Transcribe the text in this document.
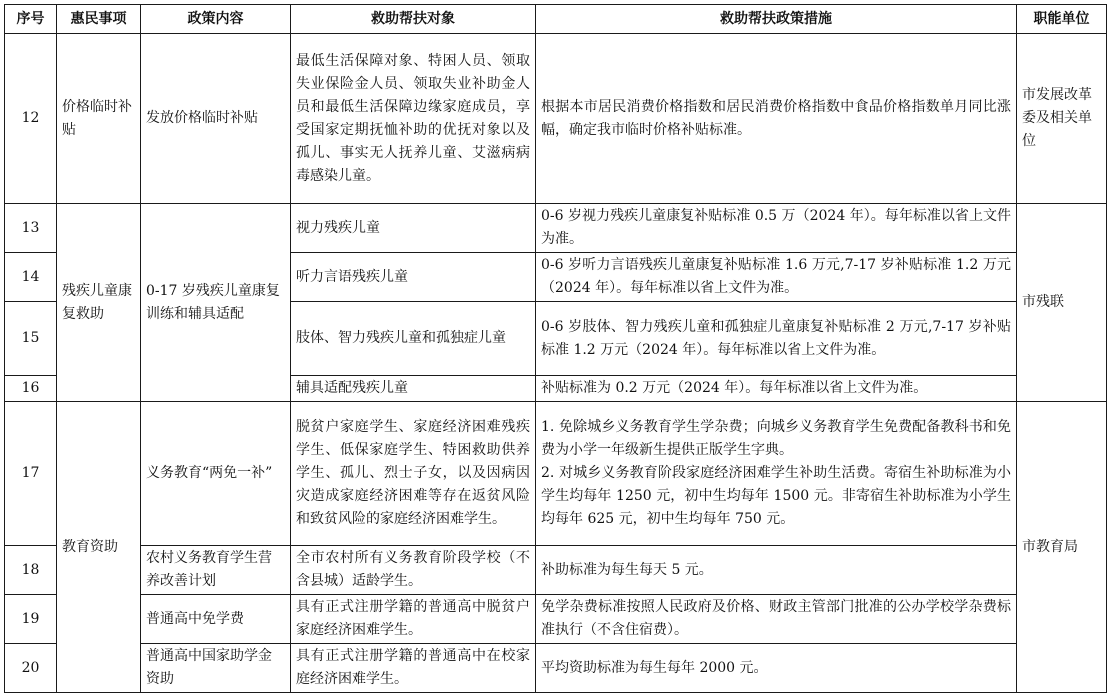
序号	惠民事项	政策内容	救助帮扶对象	救助帮扶政策措施	职能单位
12	价格临时补贴	发放价格临时补贴	最低生活保障对象、特困人员、领取失业保险金人员、领取失业补助金人员和最低生活保障边缘家庭成员，享受国家定期抚恤补助的优抚对象以及孤儿、事实无人抚养儿童、艾滋病病毒感染儿童。	根据本市居民消费价格指数和居民消费价格指数中食品价格指数单月同比涨幅，确定我市临时价格补贴标准。	市发展改革委及相关单位
13	残疾儿童康复救助	0-17 岁残疾儿童康复训练和辅具适配	视力残疾儿童	0-6 岁视力残疾儿童康复补贴标准 0.5 万（2024 年）。每年标准以省上文件为准。	市残联
14			听力言语残疾儿童	0-6 岁听力言语残疾儿童康复补贴标准 1.6 万元,7-17 岁补贴标准 1.2 万元（2024 年）。每年标准以省上文件为准。	
15			肢体、智力残疾儿童和孤独症儿童	0-6 岁肢体、智力残疾儿童和孤独症儿童康复补贴标准 2 万元,7-17 岁补贴标准 1.2 万元（2024 年）。每年标准以省上文件为准。	
16			辅具适配残疾儿童	补贴标准为 0.2 万元（2024 年）。每年标准以省上文件为准。	
17	教育资助	义务教育“两免一补”	脱贫户家庭学生、家庭经济困难残疾学生、低保家庭学生、特困救助供养学生、孤儿、烈士子女，以及因病因灾造成家庭经济困难等存在返贫风险和致贫风险的家庭经济困难学生。	1. 免除城乡义务教育学生学杂费；向城乡义务教育学生免费配备教科书和免费为小学一年级新生提供正版学生字典。
2. 对城乡义务教育阶段家庭经济困难学生补助生活费。寄宿生补助标准为小学生均每年 1250 元，初中生均每年 1500 元。非寄宿生补助标准为小学生均每年 625 元，初中生均每年 750 元。	市教育局
18		农村义务教育学生营养改善计划	全市农村所有义务教育阶段学校（不含县城）适龄学生。	补助标准为每生每天 5 元。	
19		普通高中免学费	具有正式注册学籍的普通高中脱贫户家庭经济困难学生。	免学杂费标准按照人民政府及价格、财政主管部门批准的公办学校学杂费标准执行（不含住宿费）。	
20		普通高中国家助学金资助	具有正式注册学籍的普通高中在校家庭经济困难学生。	平均资助标准为每生每年 2000 元。	
